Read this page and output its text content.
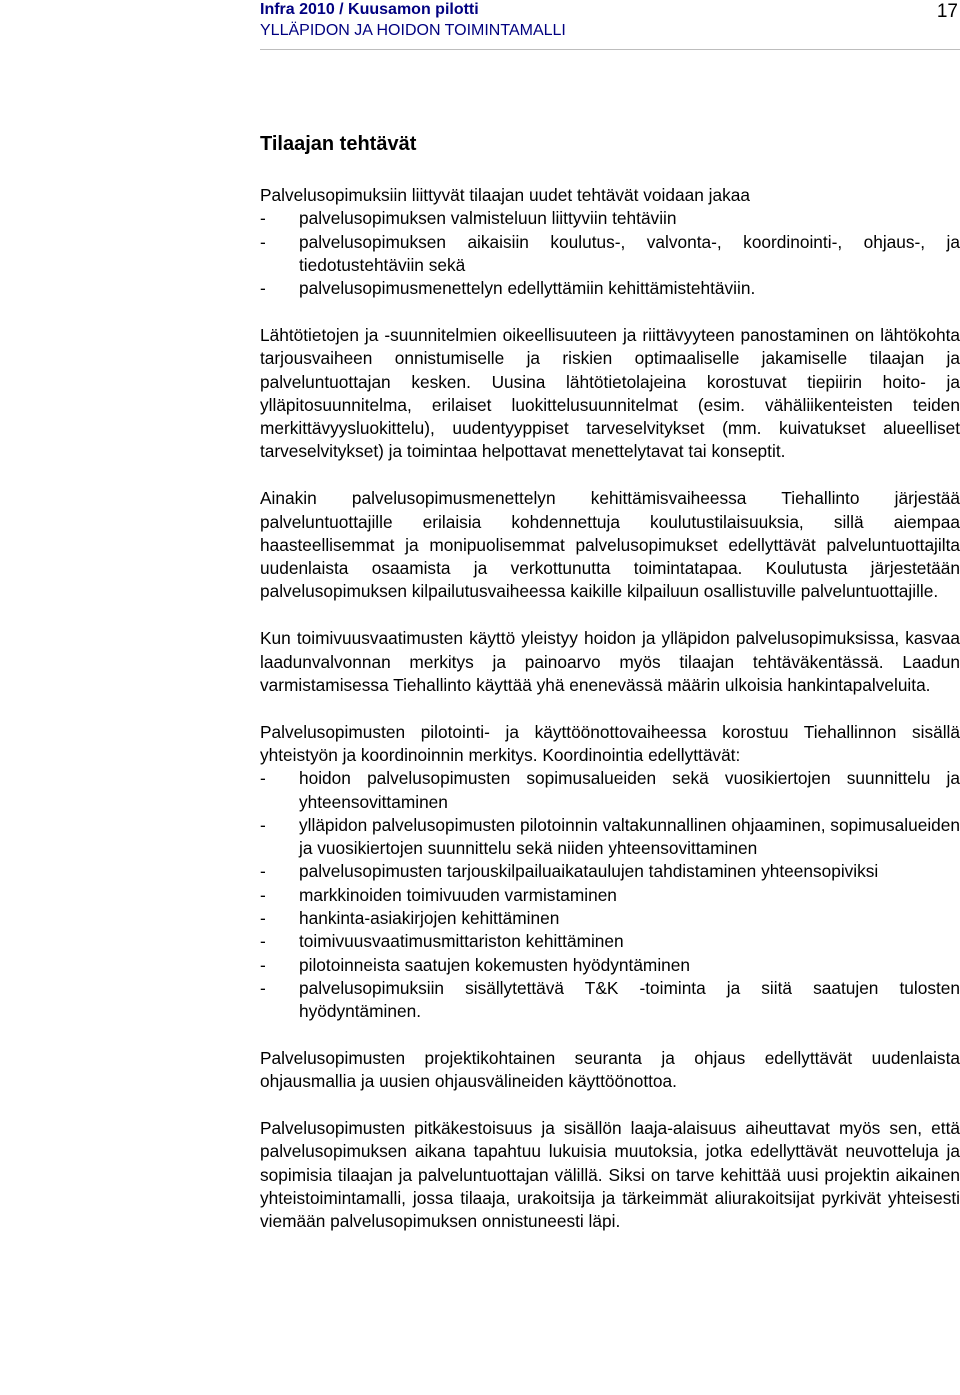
Infra 2010 / Kuusamon pilotti
YLLÄPIDON JA HOIDON TOIMINTAMALLI
17
Tilaajan tehtävät

Palvelusopimuksiin liittyvät tilaajan uudet tehtävät voidaan jakaa

- palvelusopimuksen valmisteluun liittyviin tehtäviin
- palvelusopimuksen aikaisiin koulutus-, valvonta-, koordinointi-, ohjaus-, ja tiedotustehtäviin sekä
- palvelusopimusmenettelyn edellyttämiin kehittämistehtäviin.

Lähtötietojen ja -suunnitelmien oikeellisuuteen ja riittävyyteen panostaminen on lähtökohta tarjousvaiheen onnistumiselle ja riskien optimaaliselle jakamiselle tilaajan ja palveluntuottajan kesken. Uusina lähtötietolajeina korostuvat tiepiirin hoito- ja ylläpitosuunnitelma, erilaiset luokittelusuunnitelmat (esim. vähäliikenteisten teiden merkittävyysluokittelu), uudentyyppiset tarveselvitykset (mm. kuivatukset alueelliset tarveselvitykset) ja toimintaa helpottavat menettelytavat tai konseptit.

Ainakin palvelusopimusmenettelyn kehittämisvaiheessa Tiehallinto järjestää palveluntuottajille erilaisia kohdennettuja koulutustilaisuuksia, sillä aiempaa haasteellisemmat ja monipuolisemmat palvelusopimukset edellyttävät palveluntuottajilta uudenlaista osaamista ja verkottunutta toimintatapaa. Koulutusta järjestetään palvelusopimuksen kilpailutusvaiheessa kaikille kilpailuun osallistuville palveluntuottajille.

Kun toimivuusvaatimusten käyttö yleistyy hoidon ja ylläpidon palvelusopimuksissa, kasvaa laadunvalvonnan merkitys ja painoarvo myös tilaajan tehtäväkentässä. Laadun varmistamisessa Tiehallinto käyttää yhä enenevässä määrin ulkoisia hankintapalveluita.

Palvelusopimusten pilotointi- ja käyttöönottovaiheessa korostuu Tiehallinnon sisällä yhteistyön ja koordinoinnin merkitys. Koordinointia edellyttävät:

- hoidon palvelusopimusten sopimusalueiden sekä vuosikiertojen suunnittelu ja yhteensovittaminen
- ylläpidon palvelusopimusten pilotoinnin valtakunnallinen ohjaaminen, sopimusalueiden ja vuosikiertojen suunnittelu sekä niiden yhteensovittaminen
- palvelusopimusten tarjouskilpailuaikataulujen tahdistaminen yhteensopiviksi
- markkinoiden toimivuuden varmistaminen
- hankinta-asiakirjojen kehittäminen
- toimivuusvaatimusmittariston kehittäminen
- pilotoinneista saatujen kokemusten hyödyntäminen
- palvelusopimuksiin sisällytettävä T&K -toiminta ja siitä saatujen tulosten hyödyntäminen.

Palvelusopimusten projektikohtainen seuranta ja ohjaus edellyttävät uudenlaista ohjausmallia ja uusien ohjausvälineiden käyttöönottoa.

Palvelusopimusten pitkäkestoisuus ja sisällön laaja-alaisuus aiheuttavat myös sen, että palvelusopimuksen aikana tapahtuu lukuisia muutoksia, jotka edellyttävät neuvotteluja ja sopimisia tilaajan ja palveluntuottajan välillä. Siksi on tarve kehittää uusi projektin aikainen yhteistoimintamalli, jossa tilaaja, urakoitsija ja tärkeimmät aliurakoitsijat pyrkivät yhteisesti viemään palvelusopimuksen onnistuneesti läpi.
